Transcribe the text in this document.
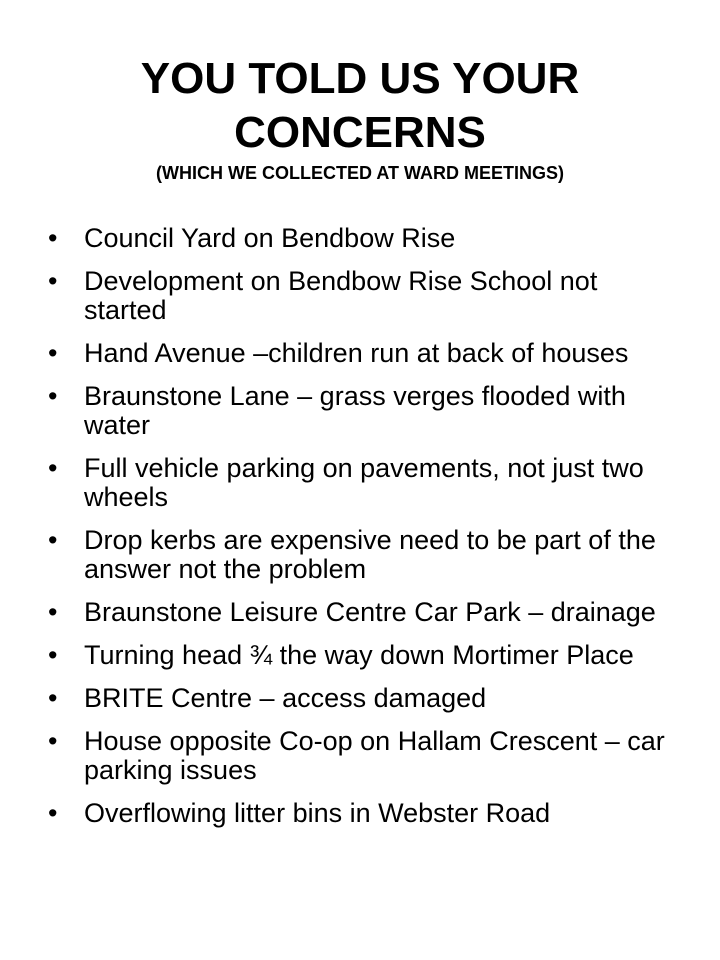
YOU TOLD US YOUR CONCERNS
(WHICH WE COLLECTED AT WARD MEETINGS)
• Council Yard on Bendbow Rise
• Development on Bendbow Rise School not started
• Hand Avenue –children run at back of houses
• Braunstone Lane – grass verges flooded with water
• Full vehicle parking on pavements, not just two wheels
• Drop kerbs are expensive need to be part of the answer not the problem
• Braunstone Leisure Centre Car Park – drainage
• Turning head ¾ the way down Mortimer Place
• BRITE Centre – access damaged
• House opposite Co-op on Hallam Crescent – car parking issues
• Overflowing litter bins in Webster Road
